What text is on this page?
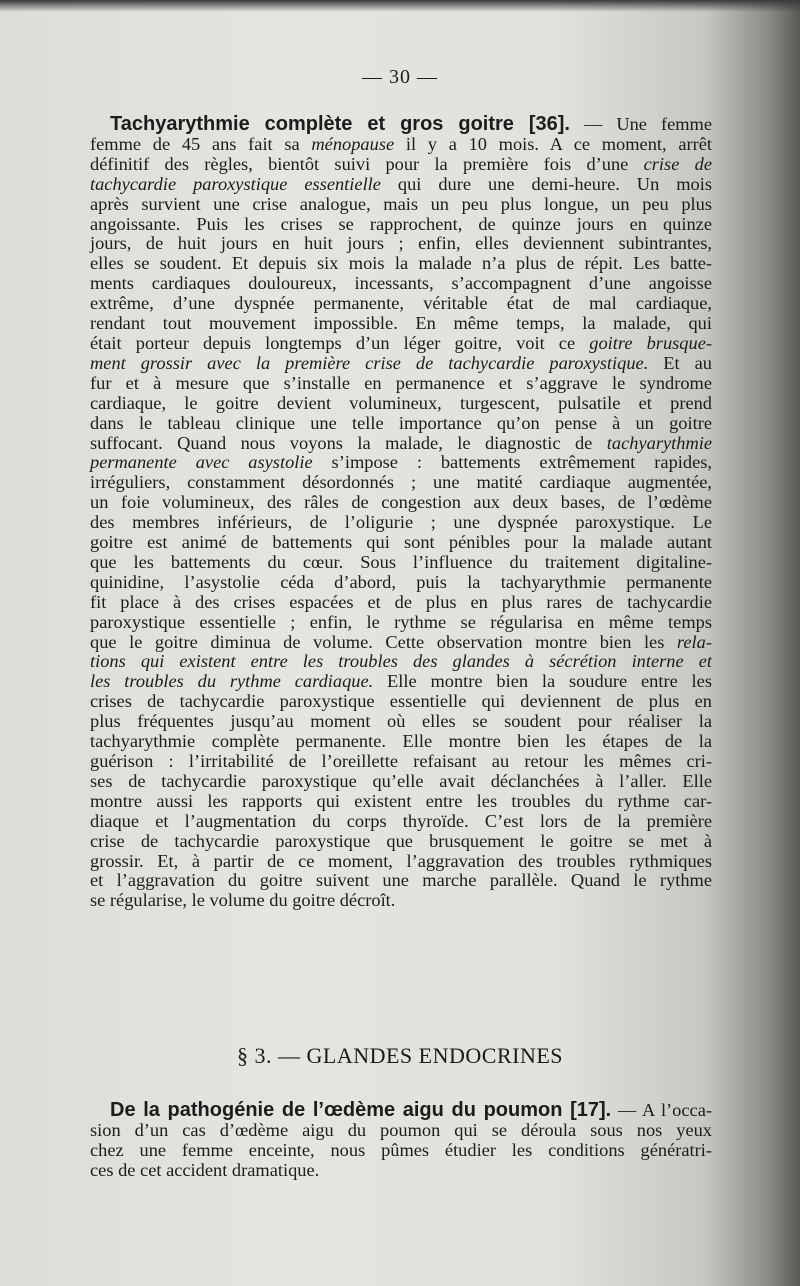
— 30 —
Tachyarythmie complète et gros goitre [36]. — Une femme
femme de 45 ans fait sa ménopause il y a 10 mois. A ce moment, arrêt
définitif des règles, bientôt suivi pour la première fois d’une crise de
tachycardie paroxystique essentielle qui dure une demi-heure. Un mois
après survient une crise analogue, mais un peu plus longue, un peu plus
angoissante. Puis les crises se rapprochent, de quinze jours en quinze
jours, de huit jours en huit jours ; enfin, elles deviennent subintrantes,
elles se soudent. Et depuis six mois la malade n’a plus de répit. Les batte-
ments cardiaques douloureux, incessants, s’accompagnent d’une angoisse
extrême, d’une dyspnée permanente, véritable état de mal cardiaque,
rendant tout mouvement impossible. En même temps, la malade, qui
était porteur depuis longtemps d’un léger goitre, voit ce goitre brusque-
ment grossir avec la première crise de tachycardie paroxystique. Et au
fur et à mesure que s’installe en permanence et s’aggrave le syndrome
cardiaque, le goitre devient volumineux, turgescent, pulsatile et prend
dans le tableau clinique une telle importance qu’on pense à un goitre
suffocant. Quand nous voyons la malade, le diagnostic de tachyarythmie
permanente avec asystolie s’impose : battements extrêmement rapides,
irréguliers, constamment désordonnés ; une matité cardiaque augmentée,
un foie volumineux, des râles de congestion aux deux bases, de l’œdème
des membres inférieurs, de l’oligurie ; une dyspnée paroxystique. Le
goitre est animé de battements qui sont pénibles pour la malade autant
que les battements du cœur. Sous l’influence du traitement digitaline-
quinidine, l’asystolie céda d’abord, puis la tachyarythmie permanente
fit place à des crises espacées et de plus en plus rares de tachycardie
paroxystique essentielle ; enfin, le rythme se régularisa en même temps
que le goitre diminua de volume. Cette observation montre bien les rela-
tions qui existent entre les troubles des glandes à sécrétion interne et
les troubles du rythme cardiaque. Elle montre bien la soudure entre les
crises de tachycardie paroxystique essentielle qui deviennent de plus en
plus fréquentes jusqu’au moment où elles se soudent pour réaliser la
tachyarythmie complète permanente. Elle montre bien les étapes de la
guérison : l’irritabilité de l’oreillette refaisant au retour les mêmes cri-
ses de tachycardie paroxystique qu’elle avait déclanchées à l’aller. Elle
montre aussi les rapports qui existent entre les troubles du rythme car-
diaque et l’augmentation du corps thyroïde. C’est lors de la première
crise de tachycardie paroxystique que brusquement le goitre se met à
grossir. Et, à partir de ce moment, l’aggravation des troubles rythmiques
et l’aggravation du goitre suivent une marche parallèle. Quand le rythme
se régularise, le volume du goitre décroît.
§ 3. — GLANDES ENDOCRINES
De la pathogénie de l’œdème aigu du poumon [17]. — A l’occa-
sion d’un cas d’œdème aigu du poumon qui se déroula sous nos yeux
chez une femme enceinte, nous pûmes étudier les conditions génératri-
ces de cet accident dramatique.
